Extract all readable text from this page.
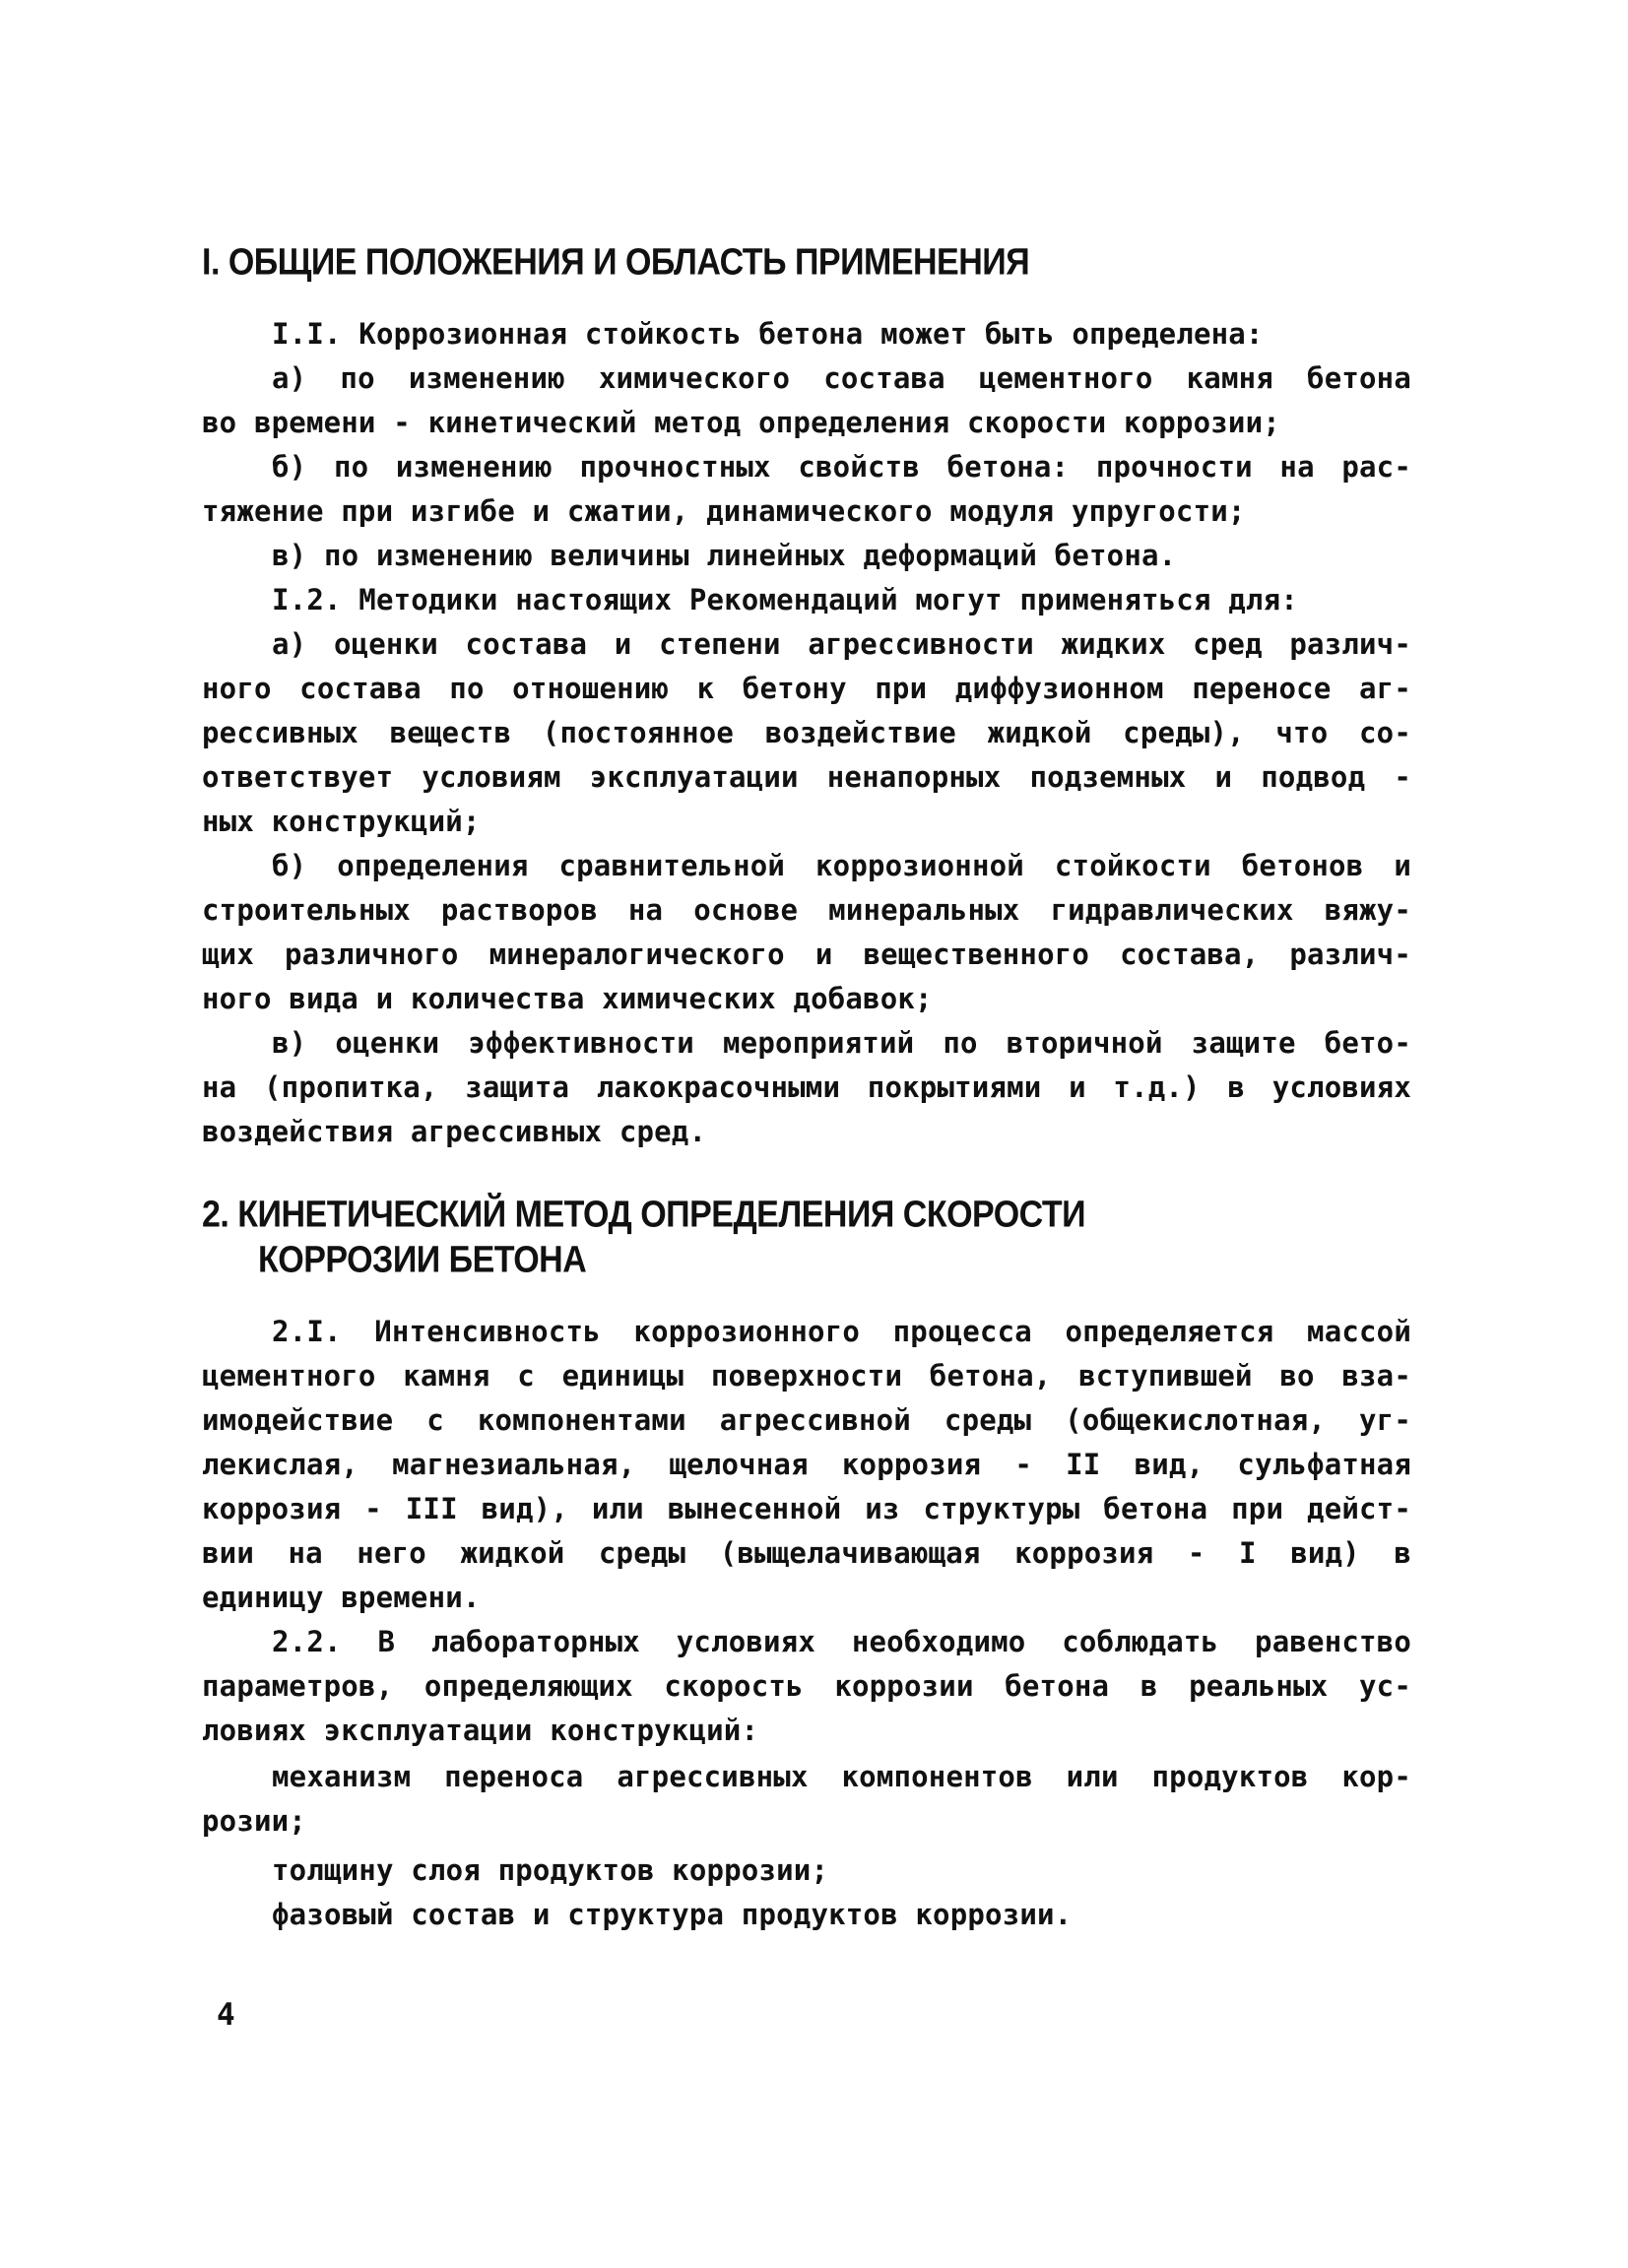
I. ОБЩИЕ ПОЛОЖЕНИЯ И ОБЛАСТЬ ПРИМЕНЕНИЯ
I.I. Коррозионная стойкость бетона может быть определена:
а) по изменению химического состава цементного камня бетона
во времени - кинетический метод определения скорости коррозии;
б) по изменению прочностных свойств бетона: прочности на рас-
тяжение при изгибе и сжатии, динамического модуля упругости;
в) по изменению величины линейных деформаций бетона.
I.2. Методики настоящих Рекомендаций могут применяться для:
а) оценки состава и степени агрессивности жидких сред различ-
ного состава по отношению к бетону при диффузионном переносе аг-
рессивных веществ (постоянное воздействие жидкой среды), что со-
ответствует условиям эксплуатации ненапорных подземных и подвод -
ных конструкций;
б) определения сравнительной коррозионной стойкости бетонов и
строительных растворов на основе минеральных гидравлических вяжу-
щих различного минералогического и вещественного состава, различ-
ного вида и количества химических добавок;
в) оценки эффективности мероприятий по вторичной защите бето-
на (пропитка, защита лакокрасочными покрытиями и т.д.) в условиях
воздействия агрессивных сред.
2. КИНЕТИЧЕСКИЙ МЕТОД ОПРЕДЕЛЕНИЯ СКОРОСТИ
КОРРОЗИИ БЕТОНА
2.I. Интенсивность коррозионного процесса определяется массой
цементного камня с единицы поверхности бетона, вступившей во вза-
имодействие с компонентами агрессивной среды (общекислотная, уг-
лекислая, магнезиальная, щелочная коррозия - II вид, сульфатная
коррозия - III вид), или вынесенной из структуры бетона при дейст-
вии на него жидкой среды (выщелачивающая коррозия - I вид) в
единицу времени.
2.2. В лабораторных условиях необходимо соблюдать равенство
параметров, определяющих скорость коррозии бетона в реальных ус-
ловиях эксплуатации конструкций:
механизм переноса агрессивных компонентов или продуктов кор-
розии;
толщину слоя продуктов коррозии;
фазовый состав и структура продуктов коррозии.
4
